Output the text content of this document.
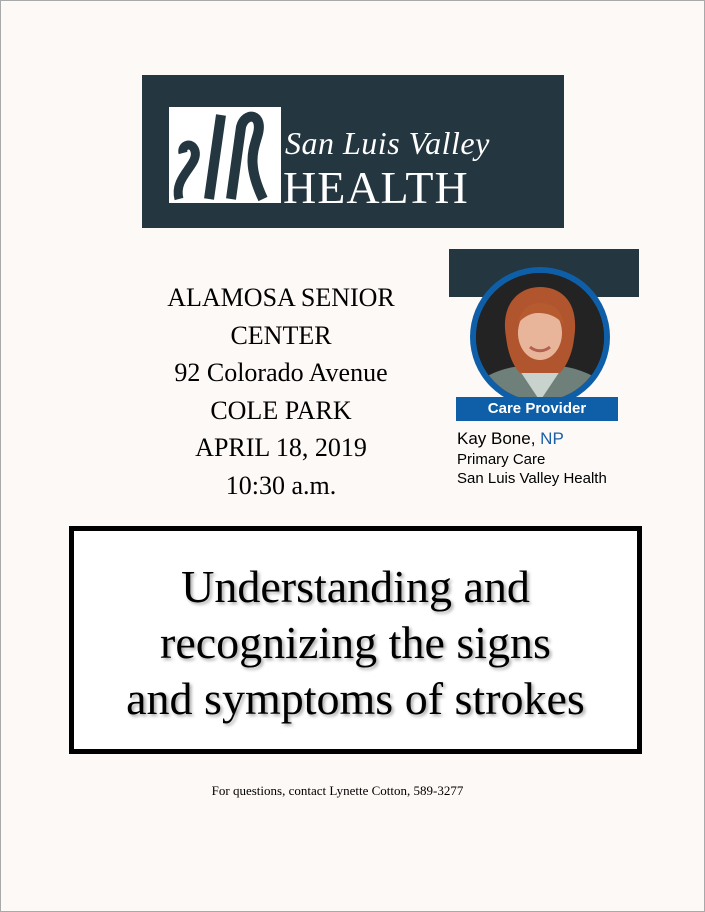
San Luis Valley
HEALTH
ALAMOSA SENIOR
CENTER
92 Colorado Avenue
COLE PARK
APRIL 18, 2019
10:30 a.m.
Care Provider
Kay Bone, NP
Primary Care
San Luis Valley Health
Understanding and
recognizing the signs
and symptoms of strokes
For questions, contact Lynette Cotton, 589-3277
